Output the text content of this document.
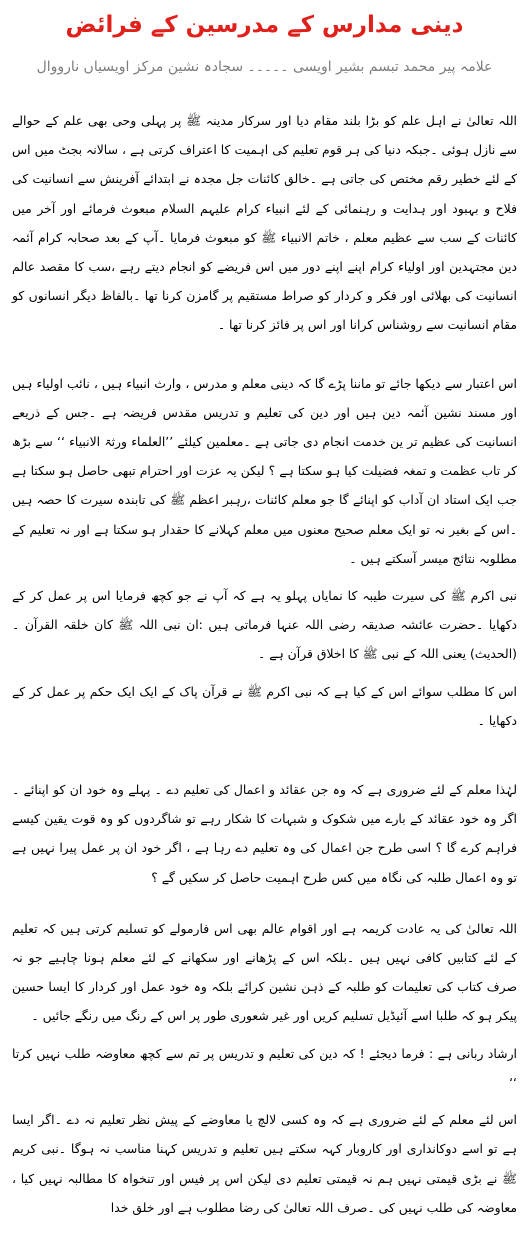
دینی مدارس کے مدرسین کے فرائض
علامہ پیر محمد تبسم بشیر اویسی ۔۔۔۔۔ سجادہ نشین مرکز اویسیاں نارووال

اللہ تعالیٰ نے اہل علم کو بڑا بلند مقام دیا اور سرکار مدینہ ﷺ پر پہلی وحی بھی علم کے حوالے سے نازل ہوئی ۔جبکہ دنیا کی ہر قوم تعلیم کی اہمیت کا اعتراف کرتی ہے ، سالانہ بجٹ میں اس کے لئے خطیر رقم مختص کی جاتی ہے ۔خالق کائنات جل مجدہ نے ابتدائے آفرینش سے انسانیت کی فلاح و بہبود اور ہدایت و رہنمائی کے لئے انبیاء کرام علیہم السلام مبعوث فرمائے اور آخر میں کائنات کے سب سے عظیم معلم ، خاتم الانبیاء ﷺ کو مبعوث فرمایا ۔آپ کے بعد صحابہ کرام آئمہ دین مجتہدین اور اولیاء کرام اپنے اپنے دور میں اس فریضے کو انجام دیتے رہے ،سب کا مقصد عالم انسانیت کی بھلائی اور فکر و کردار کو صراط مستقیم پر گامزن کرنا تھا ۔بالفاظ دیگر انسانوں کو مقام انسانیت سے روشناس کرانا اور اس پر فائز کرنا تھا ۔

اس اعتبار سے دیکھا جائے تو ماننا پڑے گا کہ دینی معلم و مدرس ، وارث انبیاء ہیں ، نائب اولیاء ہیں اور مسند نشین آئمہ دین ہیں اور دین کی تعلیم و تدریس مقدس فریضہ ہے ۔جس کے ذریعے انسانیت کی عظیم تر ین خدمت انجام دی جاتی ہے ۔معلمین کیلئے ’’العلماء ورثۃ الانبیاء ‘‘ سے بڑھ کر تاب عظمت و تمغہ فضیلت کیا ہو سکتا ہے ؟ لیکن یہ عزت اور احترام تبھی حاصل ہو سکتا ہے جب ایک استاد ان آداب کو اپنائے گا جو معلم کائنات ،رہبر اعظم ﷺ کی تابندہ سیرت کا حصہ ہیں ۔اس کے بغیر نہ تو ایک معلم صحیح معنوں میں معلم کہلانے کا حقدار ہو سکتا ہے اور نہ تعلیم کے مطلوبہ نتائج میسر آسکتے ہیں ۔

نبی اکرم ﷺ کی سیرت طیبہ کا نمایاں پہلو یہ ہے کہ آپ نے جو کچھ فرمایا اس پر عمل کر کے دکھایا ۔حضرت عائشہ صدیقہ رضی اللہ عنہا فرماتی ہیں :ان نبی اللہ ﷺ کان خلقہ القرآن ۔(الحدیث) یعنی اللہ کے نبی ﷺ کا اخلاق قرآن ہے ۔

اس کا مطلب سوائے اس کے کیا ہے کہ نبی اکرم ﷺ نے قرآن پاک کے ایک ایک حکم پر عمل کر کے دکھایا ۔

لہٰذا معلم کے لئے ضروری ہے کہ وہ جن عقائد و اعمال کی تعلیم دے ۔ پہلے وہ خود ان کو اپنائے ۔اگر وہ خود عقائد کے بارے میں شکوک و شبہات کا شکار رہے تو شاگردوں کو وہ قوت یقین کیسے فراہم کرے گا ؟ اسی طرح جن اعمال کی وہ تعلیم دے رہا ہے ، اگر خود ان پر عمل پیرا نہیں ہے تو وہ اعمال طلبہ کی نگاہ میں کس طرح اہمیت حاصل کر سکیں گے ؟

اللہ تعالیٰ کی یہ عادت کریمہ ہے اور اقوام عالم بھی اس فارمولے کو تسلیم کرتی ہیں کہ تعلیم کے لئے کتابیں کافی نہیں ہیں ۔بلکہ اس کے پڑھانے اور سکھانے کے لئے معلم ہونا چاہیے جو نہ صرف کتاب کی تعلیمات کو طلبہ کے ذہن نشین کرائے بلکہ وہ خود عمل اور کردار کا ایسا حسین پیکر ہو کہ طلبا اسے آئیڈیل تسلیم کریں اور غیر شعوری طور پر اس کے رنگ میں رنگے جائیں ۔

ارشاد ربانی ہے : فرما دیجئے ! کہ دین کی تعلیم و تدریس پر تم سے کچھ معاوضہ طلب نہیں کرتا ‘‘

اس لئے معلم کے لئے ضروری ہے کہ وہ کسی لالچ یا معاوضے کے پیش نظر تعلیم نہ دے ۔اگر ایسا ہے تو اسے دوکانداری اور کاروبار کہہ سکتے ہیں تعلیم و تدریس کہنا مناسب نہ ہوگا ۔نبی کریم ﷺ نے بڑی قیمتی نہیں ہم نہ قیمتی تعلیم دی لیکن اس پر فیس اور تنخواہ کا مطالبہ نہیں کیا ، معاوضہ کی طلب نہیں کی ۔صرف اللہ تعالیٰ کی رضا مطلوب ہے اور خلق خدا
